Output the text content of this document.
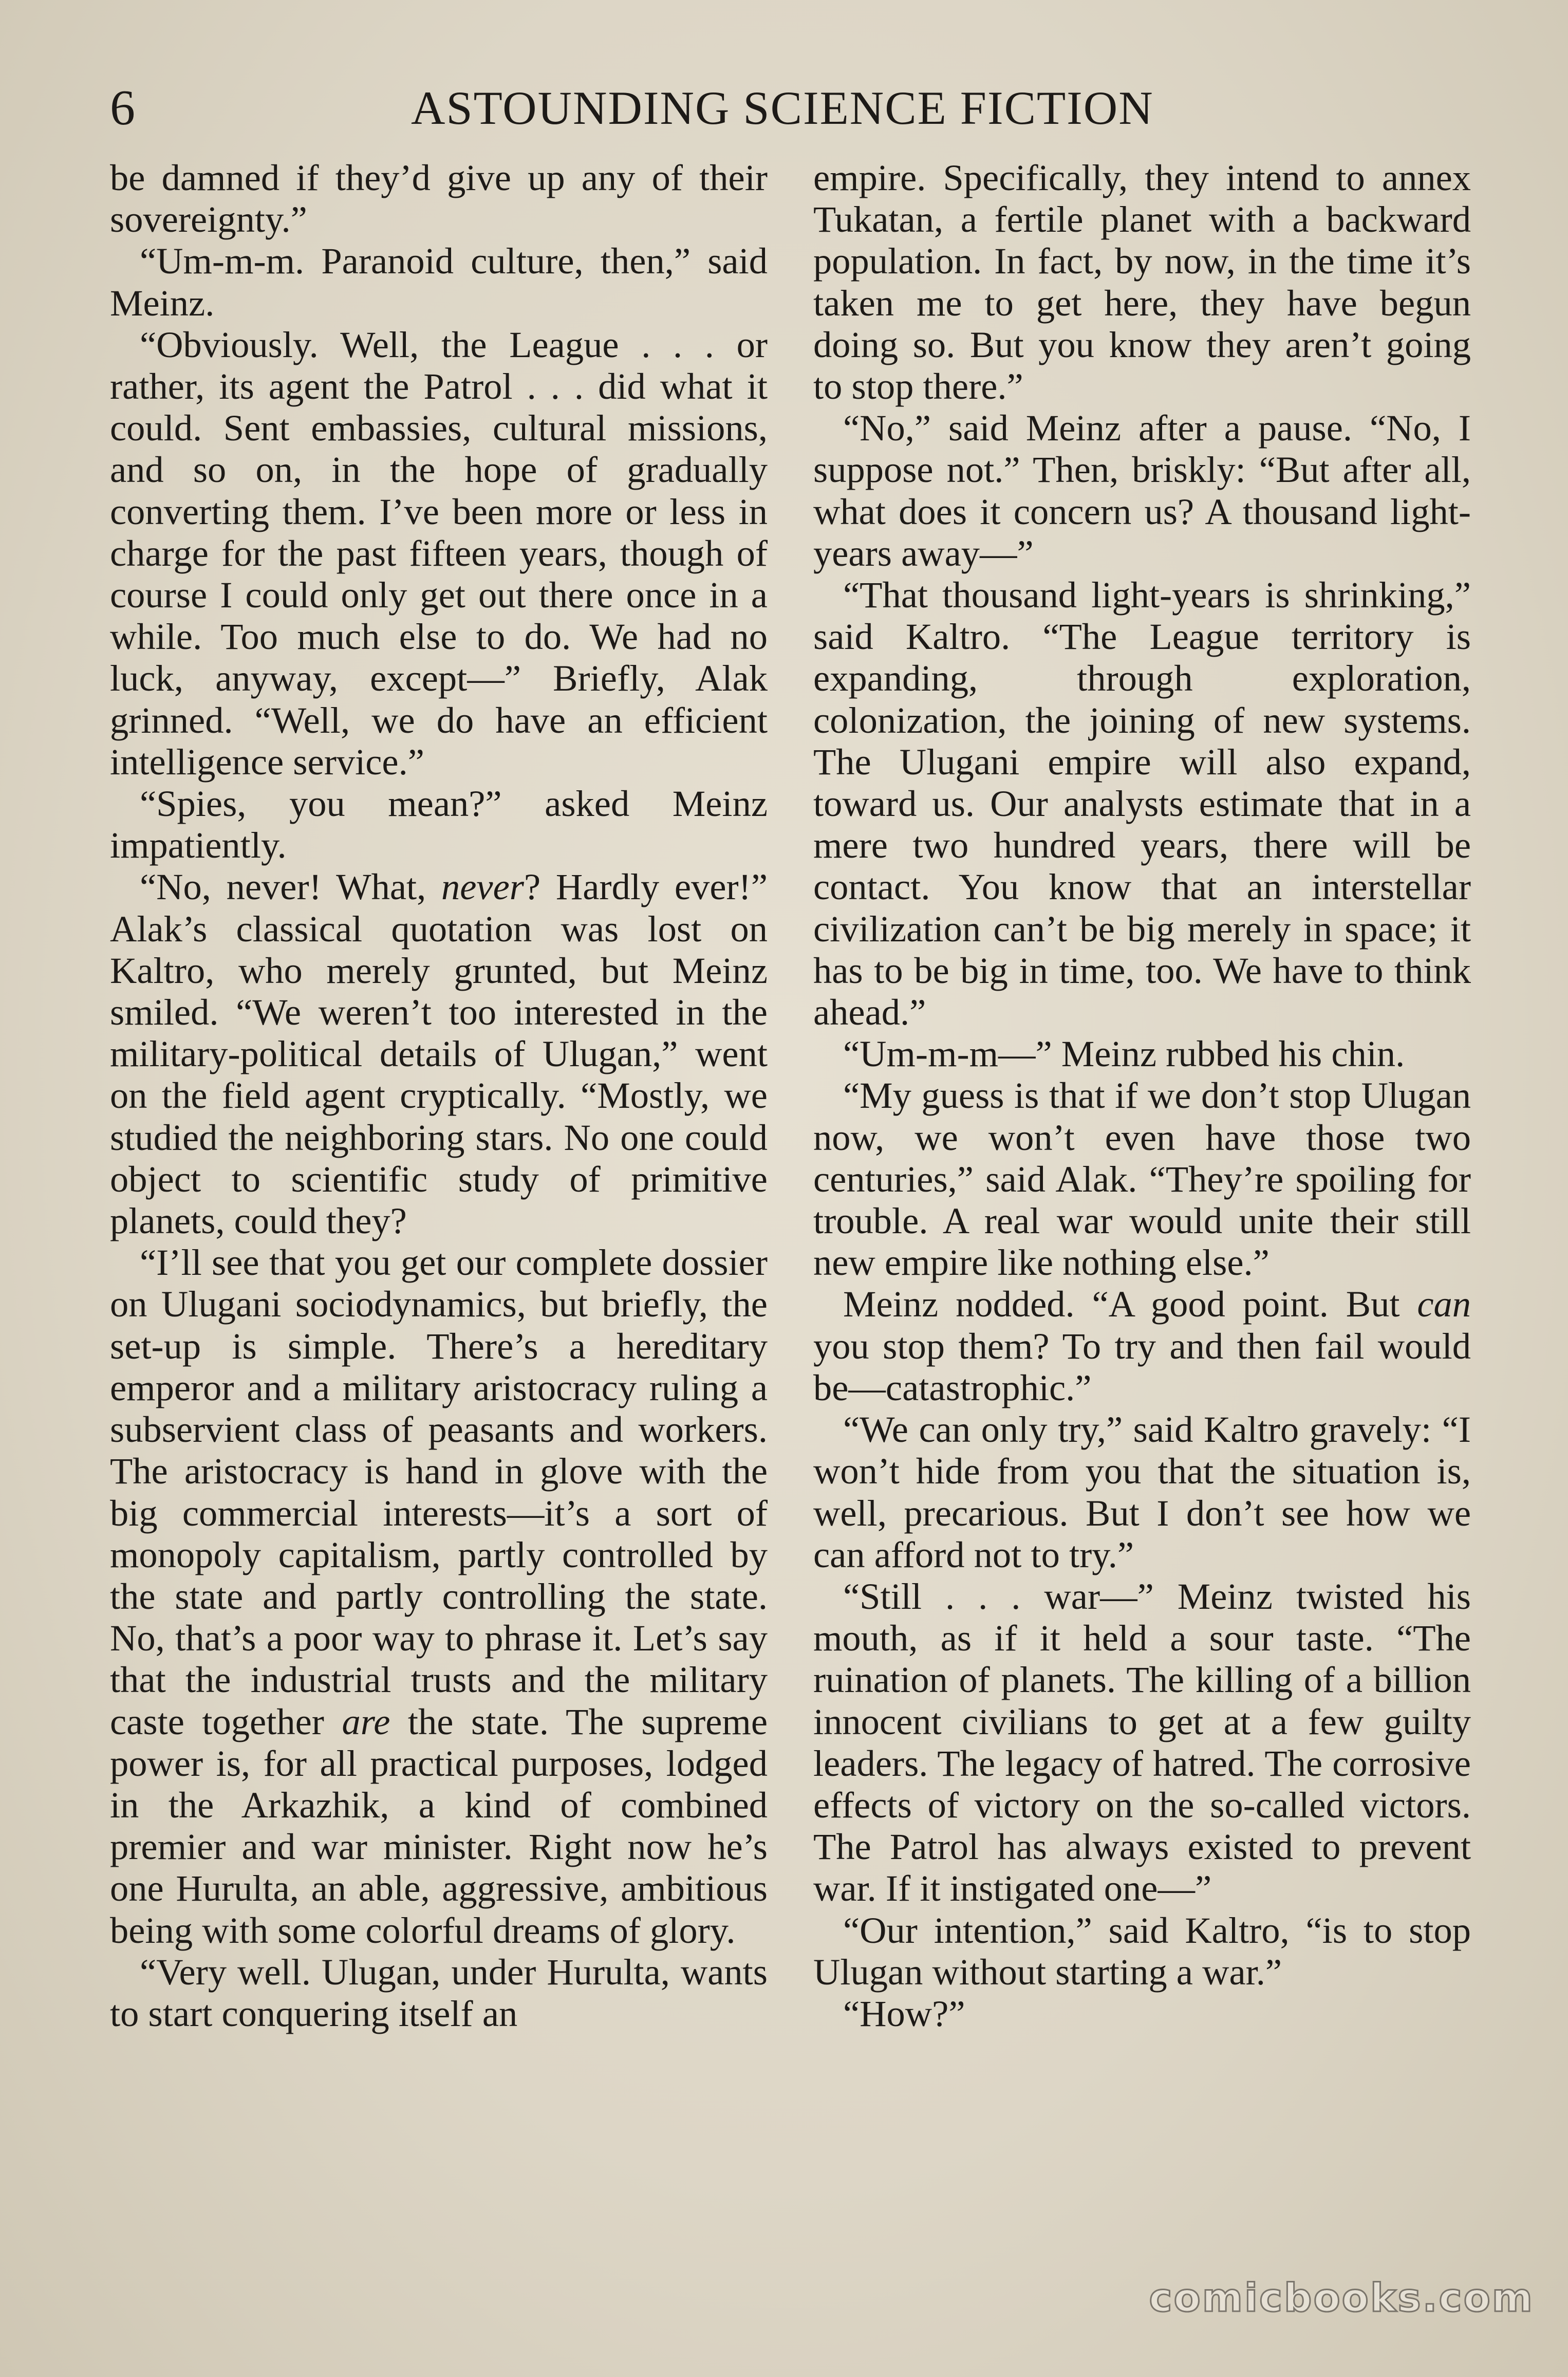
6	ASTOUNDING SCIENCE FICTION

be damned if they’d give up any of their sovereignty.”

“Um-m-m. Paranoid culture, then,” said Meinz.

“Obviously. Well, the League . . . or rather, its agent the Patrol . . . did what it could. Sent embassies, cultural missions, and so on, in the hope of gradually converting them. I’ve been more or less in charge for the past fifteen years, though of course I could only get out there once in a while. Too much else to do. We had no luck, anyway, except—” Briefly, Alak grinned. “Well, we do have an efficient intelligence service.”

“Spies, you mean?” asked Meinz impatiently.

“No, never! What, never? Hardly ever!” Alak’s classical quotation was lost on Kaltro, who merely grunted, but Meinz smiled. “We weren’t too interested in the military-political details of Ulugan,” went on the field agent cryptically. “Mostly, we studied the neighboring stars. No one could object to scientific study of primitive planets, could they?

“I’ll see that you get our complete dossier on Ulugani sociodynamics, but briefly, the set-up is simple. There’s a hereditary emperor and a military aristocracy ruling a subservient class of peasants and workers. The aristocracy is hand in glove with the big commercial interests—it’s a sort of monopoly capitalism, partly controlled by the state and partly controlling the state. No, that’s a poor way to phrase it. Let’s say that the industrial trusts and the military caste together are the state. The supreme power is, for all practical purposes, lodged in the Arkazhik, a kind of combined premier and war minister. Right now he’s one Hurulta, an able, aggressive, ambitious being with some colorful dreams of glory.

“Very well. Ulugan, under Hurulta, wants to start conquering itself an

empire. Specifically, they intend to annex Tukatan, a fertile planet with a backward population. In fact, by now, in the time it’s taken me to get here, they have begun doing so. But you know they aren’t going to stop there.”

“No,” said Meinz after a pause. “No, I suppose not.” Then, briskly: “But after all, what does it concern us? A thousand light-years away—”

“That thousand light-years is shrinking,” said Kaltro. “The League territory is expanding, through exploration, colonization, the joining of new systems. The Ulugani empire will also expand, toward us. Our analysts estimate that in a mere two hundred years, there will be contact. You know that an interstellar civilization can’t be big merely in space; it has to be big in time, too. We have to think ahead.”

“Um-m-m—” Meinz rubbed his chin.

“My guess is that if we don’t stop Ulugan now, we won’t even have those two centuries,” said Alak. “They’re spoiling for trouble. A real war would unite their still new empire like nothing else.”

Meinz nodded. “A good point. But can you stop them? To try and then fail would be—catastrophic.”

“We can only try,” said Kaltro gravely: “I won’t hide from you that the situation is, well, precarious. But I don’t see how we can afford not to try.”

“Still . . . war—” Meinz twisted his mouth, as if it held a sour taste. “The ruination of planets. The killing of a billion innocent civilians to get at a few guilty leaders. The legacy of hatred. The corrosive effects of victory on the so-called victors. The Patrol has always existed to prevent war. If it instigated one—”

“Our intention,” said Kaltro, “is to stop Ulugan without starting a war.”

“How?”

comicbooks.com
